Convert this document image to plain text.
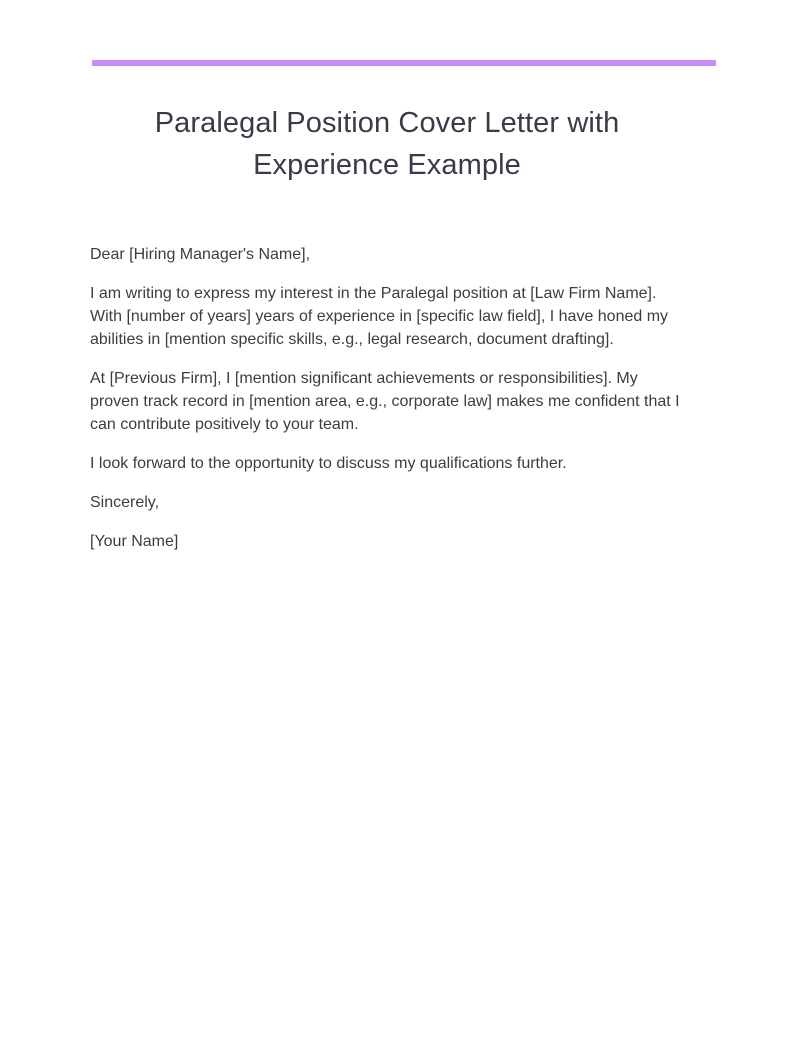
Paralegal Position Cover Letter with Experience Example

Dear [Hiring Manager's Name],

I am writing to express my interest in the Paralegal position at [Law Firm Name]. With [number of years] years of experience in [specific law field], I have honed my abilities in [mention specific skills, e.g., legal research, document drafting].

At [Previous Firm], I [mention significant achievements or responsibilities]. My proven track record in [mention area, e.g., corporate law] makes me confident that I can contribute positively to your team.

I look forward to the opportunity to discuss my qualifications further.

Sincerely,

[Your Name]
